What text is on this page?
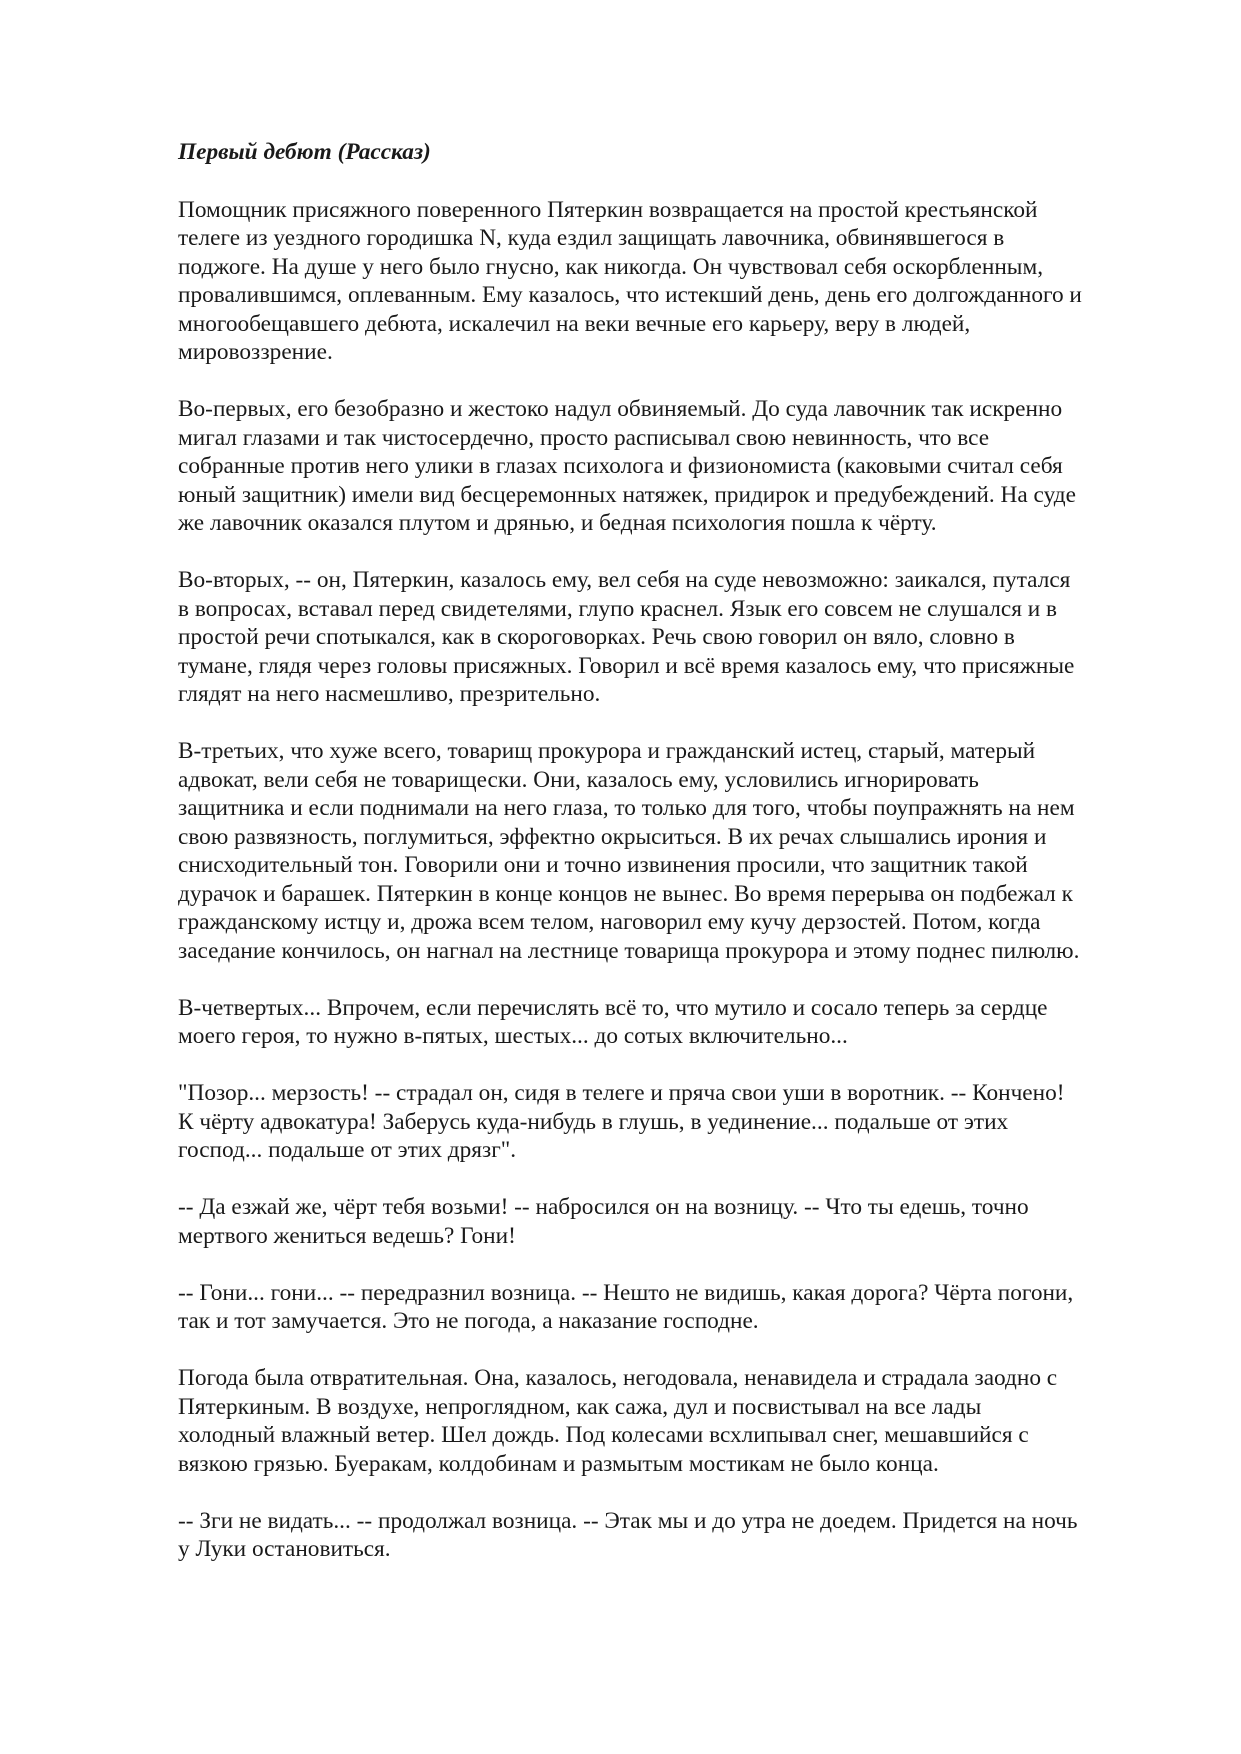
Первый дебют (Рассказ)
Помощник присяжного поверенного Пятеркин возвращается на простой крестьянской
телеге из уездного городишка N, куда ездил защищать лавочника, обвинявшегося в
поджоге. На душе у него было гнусно, как никогда. Он чувствовал себя оскорбленным,
провалившимся, оплеванным. Ему казалось, что истекший день, день его долгожданного и
многообещавшего дебюта, искалечил на веки вечные его карьеру, веру в людей,
мировоззрение.
Во-первых, его безобразно и жестоко надул обвиняемый. До суда лавочник так искренно
мигал глазами и так чистосердечно, просто расписывал свою невинность, что все
собранные против него улики в глазах психолога и физиономиста (каковыми считал себя
юный защитник) имели вид бесцеремонных натяжек, придирок и предубеждений. На суде
же лавочник оказался плутом и дрянью, и бедная психология пошла к чёрту.
Во-вторых, -- он, Пятеркин, казалось ему, вел себя на суде невозможно: заикался, путался
в вопросах, вставал перед свидетелями, глупо краснел. Язык его совсем не слушался и в
простой речи спотыкался, как в скороговорках. Речь свою говорил он вяло, словно в
тумане, глядя через головы присяжных. Говорил и всё время казалось ему, что присяжные
глядят на него насмешливо, презрительно.
В-третьих, что хуже всего, товарищ прокурора и гражданский истец, старый, матерый
адвокат, вели себя не товарищески. Они, казалось ему, условились игнорировать
защитника и если поднимали на него глаза, то только для того, чтобы поупражнять на нем
свою развязность, поглумиться, эффектно окрыситься. В их речах слышались ирония и
снисходительный тон. Говорили они и точно извинения просили, что защитник такой
дурачок и барашек. Пятеркин в конце концов не вынес. Во время перерыва он подбежал к
гражданскому истцу и, дрожа всем телом, наговорил ему кучу дерзостей. Потом, когда
заседание кончилось, он нагнал на лестнице товарища прокурора и этому поднес пилюлю.
В-четвертых... Впрочем, если перечислять всё то, что мутило и сосало теперь за сердце
моего героя, то нужно в-пятых, шестых... до сотых включительно...
"Позор... мерзость! -- страдал он, сидя в телеге и пряча свои уши в воротник. -- Кончено!
К чёрту адвокатура! Заберусь куда-нибудь в глушь, в уединение... подальше от этих
господ... подальше от этих дрязг".
-- Да езжай же, чёрт тебя возьми! -- набросился он на возницу. -- Что ты едешь, точно
мертвого жениться ведешь? Гони!
-- Гони... гони... -- передразнил возница. -- Нешто не видишь, какая дорога? Чёрта погони,
так и тот замучается. Это не погода, а наказание господне.
Погода была отвратительная. Она, казалось, негодовала, ненавидела и страдала заодно с
Пятеркиным. В воздухе, непроглядном, как сажа, дул и посвистывал на все лады
холодный влажный ветер. Шел дождь. Под колесами всхлипывал снег, мешавшийся с
вязкою грязью. Буеракам, колдобинам и размытым мостикам не было конца.
-- Зги не видать... -- продолжал возница. -- Этак мы и до утра не доедем. Придется на ночь
у Луки остановиться.
